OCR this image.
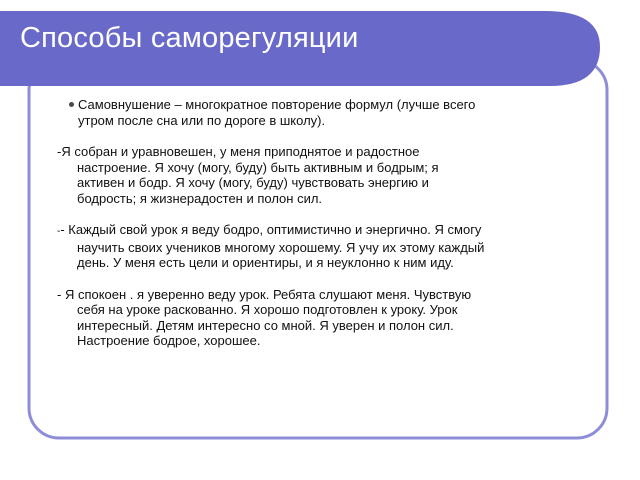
Способы саморегуляции
Самовнушение – многократное повторение формул (лучше всего
утром после сна или по дороге в школу).
-Я собран и уравновешен, у меня приподнятое и радостное
настроение. Я хочу (могу, буду) быть активным и бодрым; я
активен и бодр. Я хочу (могу, буду) чувствовать энергию и
бодрость; я жизнерадостен и полон сил.
-- Каждый свой урок я веду бодро, оптимистично и энергично. Я смогу
научить своих учеников многому хорошему. Я учу их этому каждый
день. У меня есть цели и ориентиры, и я неуклонно к ним иду.
- Я спокоен . я уверенно веду урок. Ребята слушают меня. Чувствую
себя на уроке раскованно. Я хорошо подготовлен к уроку. Урок
интересный. Детям интересно со мной. Я уверен и полон сил.
Настроение бодрое, хорошее.
